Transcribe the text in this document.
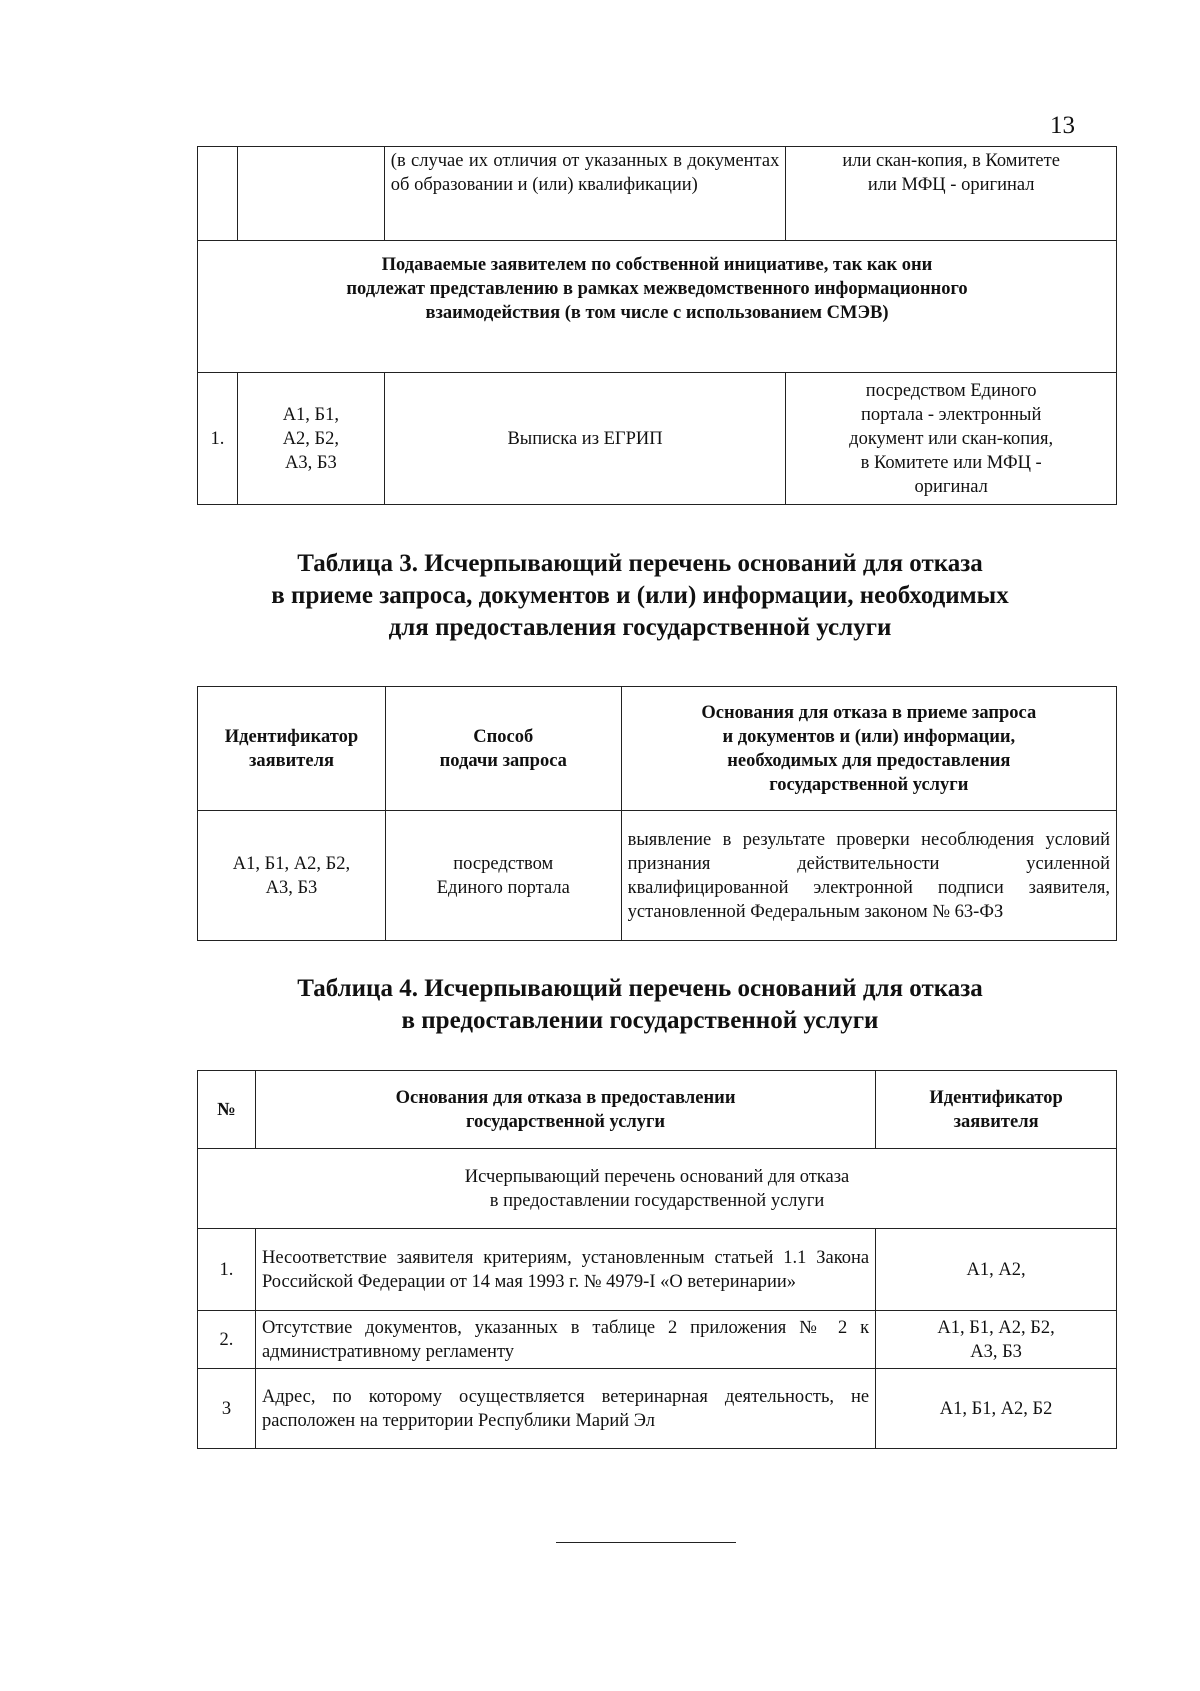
13
		(в случае их отличия от указанных в документах об образовании и (или) квалификации)	или скан-копия, в Комитете
или МФЦ - оригинал

Подаваемые заявителем по собственной инициативе, так как они
подлежат представлению в рамках межведомственного информационного
взаимодействия (в том числе с использованием СМЭВ)			

1.	А1, Б1,
А2, Б2,
А3, Б3	Выписка из ЕГРИП	посредством Единого
портала - электронный
документ или скан-копия,
в Комитете или МФЦ -
оригинал
Таблица 3. Исчерпывающий перечень оснований для отказа
в приеме запроса, документов и (или) информации, необходимых
для предоставления государственной услуги
Идентификатор
заявителя	Способ
подачи запроса	Основания для отказа в приеме запроса
и документов и (или) информации,
необходимых для предоставления
государственной услуги

А1, Б1, А2, Б2,
А3, Б3	посредством
Единого портала	выявление в результате проверки несоблюдения условий признания действительности усиленной квалифицированной электронной подписи заявителя, установленной Федеральным законом № 63-ФЗ
Таблица 4. Исчерпывающий перечень оснований для отказа
в предоставлении государственной услуги
№	Основания для отказа в предоставлении
государственной услуги	Идентификатор
заявителя

Исчерпывающий перечень оснований для отказа
в предоставлении государственной услуги		

1.	Несоответствие заявителя критериям, установленным статьей 1.1 Закона Российской Федерации от 14 мая 1993 г. № 4979-I «О ветеринарии»	А1, А2,

2.	Отсутствие документов, указанных в таблице 2 приложения № 2 к административному регламенту	А1, Б1, А2, Б2,
А3, Б3

3	Адрес, по которому осуществляется ветеринарная деятельность, не расположен на территории Республики Марий Эл	А1, Б1, А2, Б2
